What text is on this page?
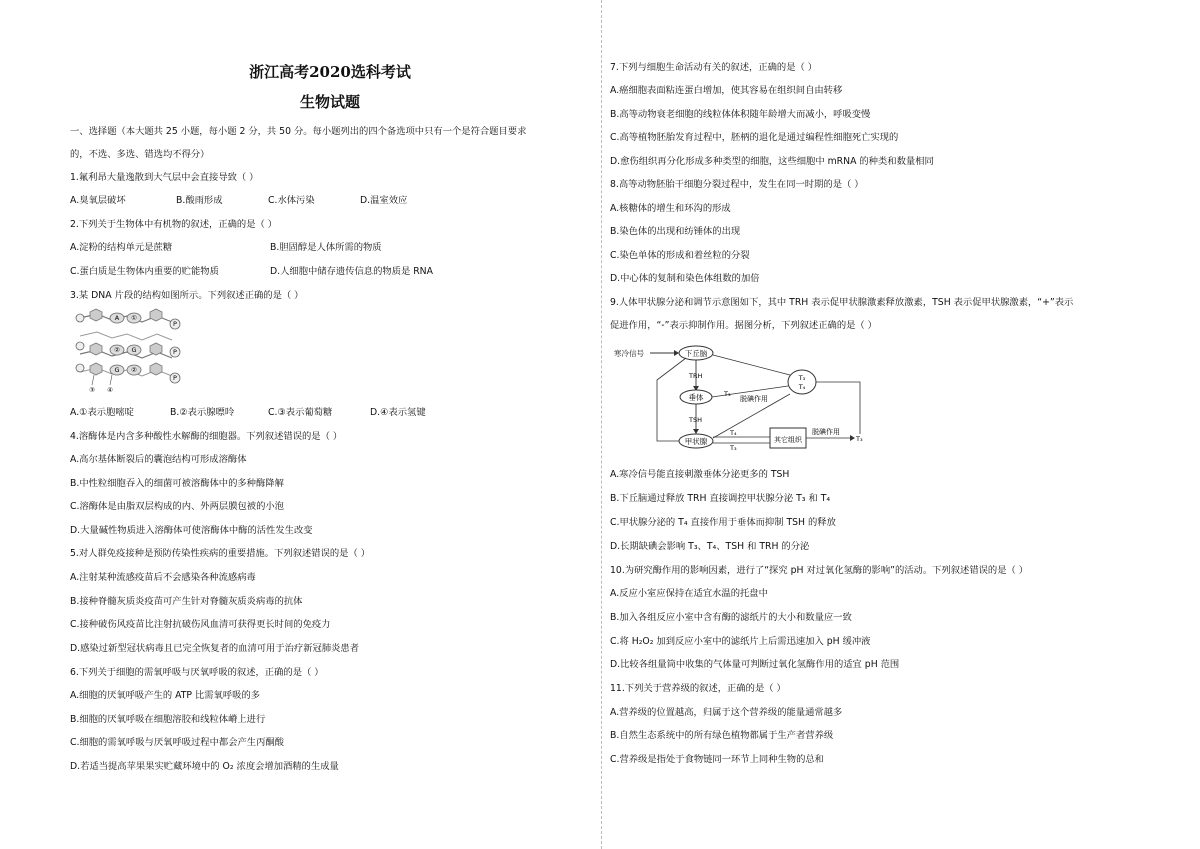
浙江高考2020选科考试
生物试题
一、选择题（本大题共 25 小题，每小题 2 分，共 50 分。每小题列出的四个备选项中只有一个是符合题目要求
的，不选、多选、错选均不得分）
1.氟利昂大量逸散到大气层中会直接导致（ ）
A.臭氧层破坏	B.酸雨形成	C.水体污染	D.温室效应
2.下列关于生物体中有机物的叙述，正确的是（ ）
A.淀粉的结构单元是蔗糖	B.胆固醇是人体所需的物质
C.蛋白质是生物体内重要的贮能物质	D.人细胞中储存遗传信息的物质是 RNA
3.某 DNA 片段的结构如图所示。下列叙述正确的是（ ）
P
P
P
A ①
② G
G ②
③ ④
A.①表示胞嘧啶	B.②表示腺嘌呤	C.③表示葡萄糖	D.④表示氢键
4.溶酶体是内含多种酸性水解酶的细胞器。下列叙述错误的是（ ）
A.高尔基体断裂后的囊泡结构可形成溶酶体
B.中性粒细胞吞入的细菌可被溶酶体中的多种酶降解
C.溶酶体是由脂双层构成的内、外两层膜包被的小泡
D.大量碱性物质进入溶酶体可使溶酶体中酶的活性发生改变
5.对人群免疫接种是预防传染性疾病的重要措施。下列叙述错误的是（ ）
A.注射某种流感疫苗后不会感染各种流感病毒
B.接种脊髓灰质炎疫苗可产生针对脊髓灰质炎病毒的抗体
C.接种破伤风疫苗比注射抗破伤风血清可获得更长时间的免疫力
D.感染过新型冠状病毒且已完全恢复者的血清可用于治疗新冠肺炎患者
6.下列关于细胞的需氧呼吸与厌氧呼吸的叙述，正确的是（ ）
A.细胞的厌氧呼吸产生的 ATP 比需氧呼吸的多
B.细胞的厌氧呼吸在细胞溶胶和线粒体嵴上进行
C.细胞的需氧呼吸与厌氧呼吸过程中都会产生丙酮酸
D.若适当提高苹果果实贮藏环境中的 O₂ 浓度会增加酒精的生成量
7.下列与细胞生命活动有关的叙述，正确的是（ ）
A.癌细胞表面粘连蛋白增加，使其容易在组织间自由转移
B.高等动物衰老细胞的线粒体体积随年龄增大而减小，呼吸变慢
C.高等植物胚胎发育过程中，胚柄的退化是通过编程性细胞死亡实现的
D.愈伤组织再分化形成多种类型的细胞，这些细胞中 mRNA 的种类和数量相同
8.高等动物胚胎干细胞分裂过程中，发生在同一时期的是（ ）
A.核糖体的增生和环沟的形成
B.染色体的出现和纺锤体的出现
C.染色单体的形成和着丝粒的分裂
D.中心体的复制和染色体组数的加倍
9.人体甲状腺分泌和调节示意图如下，其中 TRH 表示促甲状腺激素释放激素，TSH 表示促甲状腺激素，“+”表示
促进作用，“-”表示抑制作用。据图分析，下列叙述正确的是（ ）
寒冷信号	下丘脑
TRH
垂体
TSH
甲状腺
T₃
T₄
T₃
脱碘作用
其它组织
T₄
T₃
脱碘作用
T₃
A.寒冷信号能直接刺激垂体分泌更多的 TSH
B.下丘脑通过释放 TRH 直接调控甲状腺分泌 T₃ 和 T₄
C.甲状腺分泌的 T₄ 直接作用于垂体而抑制 TSH 的释放
D.长期缺碘会影响 T₃、T₄、TSH 和 TRH 的分泌
10.为研究酶作用的影响因素，进行了“探究 pH 对过氧化氢酶的影响”的活动。下列叙述错误的是（ ）
A.反应小室应保持在适宜水温的托盘中
B.加入各组反应小室中含有酶的滤纸片的大小和数量应一致
C.将 H₂O₂ 加到反应小室中的滤纸片上后需迅速加入 pH 缓冲液
D.比较各组量筒中收集的气体量可判断过氧化氢酶作用的适宜 pH 范围
11.下列关于营养级的叙述，正确的是（ ）
A.营养级的位置越高，归属于这个营养级的能量通常越多
B.自然生态系统中的所有绿色植物都属于生产者营养级
C.营养级是指处于食物链同一环节上同种生物的总和
